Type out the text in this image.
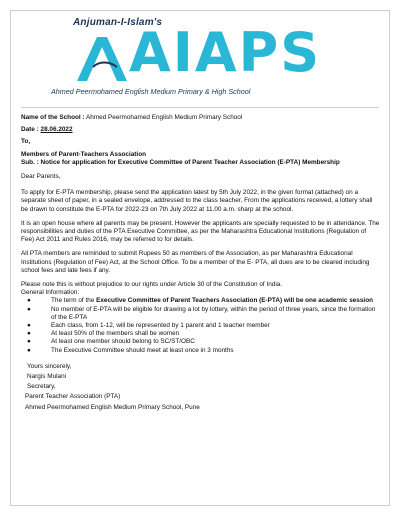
Anjuman-I-Islam's
AIAPS
Ahmed Peermohamed English Medium Primary & High School

Name of the School : Ahmed Peermohamed English Medium Primary School

Date : 28.06.2022

To,

Members of Parent-Teachers Association

Sub. : Notice for application for Executive Committee of Parent Teacher Association (E-PTA) Membership

Dear Parents,

To apply for E-PTA membership, please send the application latest by 5th July 2022, in the given format (attached) on a separate sheet of paper, in a sealed envelope, addressed to the class teacher. From the applications received, a lottery shall be drawn to constitute the E-PTA for 2022-23 on 7th July 2022 at 11.00 a.m. sharp at the school.

It is an open house where all parents may be present. However the applicants are specially requested to be in attendance. The responsibilities and duties of the PTA Executive Committee, as per the Maharashtra Educational Institutions (Regulation of Fee) Act 2011 and Rules 2016, may be referred to for details.

All PTA members are reminded to submit Rupees 50 as members of the Association, as per Maharashtra Educational Institutions (Regulation of Fee) Act, at the School Office. To be a member of the E- PTA, all dues are to be cleared including school fees and late fees if any.

Please note this is without prejudice to our rights under Article 30 of the Constitution of India.

General Information:

●	The term of the Executive Committee of Parent Teachers Association (E-PTA) will be one academic session
●	No member of E-PTA will be eligible for drawing a lot by lottery, within the period of three years, since the formation of the E-PTA
●	Each class, from 1-12, will be represented by 1 parent and 1 teacher member
●	At least 50% of the members shall be women
●	At least one member should belong to SC/ST/OBC
●	The Executive Committee should meet at least once in 3 months

Yours sincerely,

Nargis Mulani

Secretary,

Parent Teacher Association (PTA)

Ahmed Peermohamed English Medium Primary School, Pune
